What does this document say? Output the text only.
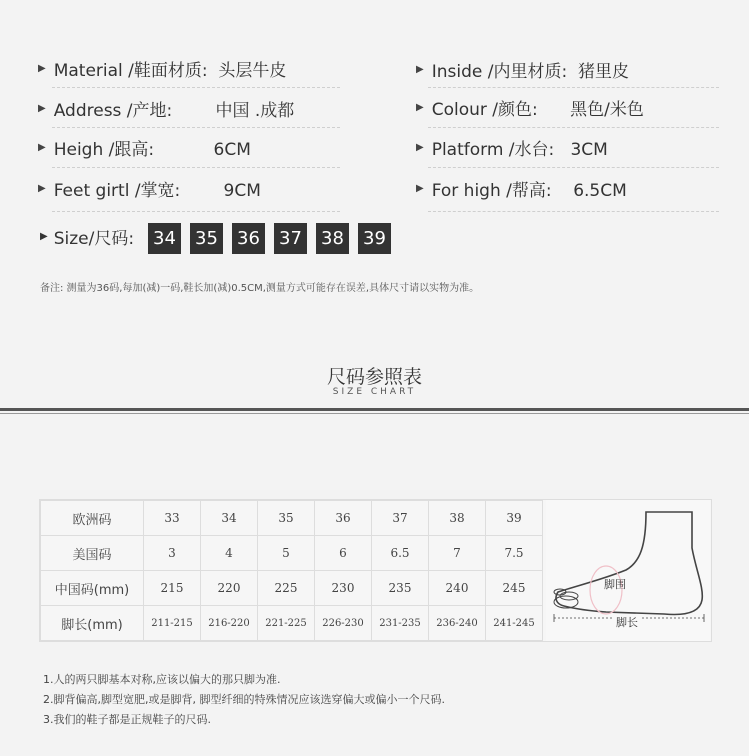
▶ Material /鞋面材质:  头层牛皮	▶ Inside /内里材质:  猪里皮
▶ Address /产地:        中国 .成都	▶ Colour /颜色:      黑色/米色
▶ Heigh /跟高:           6CM	▶ Platform /水台:   3CM
▶ Feet girtl /掌宽:        9CM	▶ For high /帮高:    6.5CM
▶ Size/尺码: 34 35 36 37 38 39
备注: 测量为36码,每加(减)一码,鞋长加(减)0.5CM,测量方式可能存在误差,具体尺寸请以实物为准。
尺码参照表
SIZE CHART
欧洲码	33	34	35	36	37	38	39
美国码	3	4	5	6	6.5	7	7.5
中国码(mm)	215	220	225	230	235	240	245
脚长(mm)	211-215	216-220	221-225	226-230	231-235	236-240	241-245
脚围
脚长
1.人的两只脚基本对称,应该以偏大的那只脚为准.
2.脚背偏高,脚型宽肥,或是脚背, 脚型纤细的特殊情况应该选穿偏大或偏小一个尺码.
3.我们的鞋子都是正规鞋子的尺码.
